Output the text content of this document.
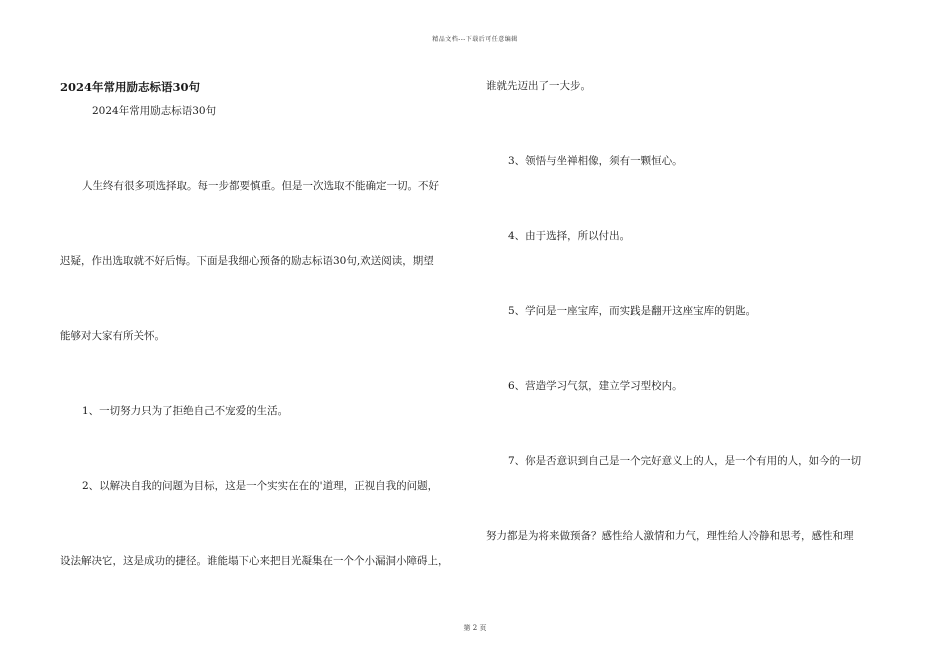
精品文档---下载后可任意编辑
2024年常用励志标语30句
2024年常用励志标语30句
人生终有很多项选择取。每一步都要慎重。但是一次选取不能确定一切。不好
迟疑，作出选取就不好后悔。下面是我细心预备的励志标语30句,欢送阅读，期望
能够对大家有所关怀。
1、一切努力只为了拒绝自己不宠爱的生活。
2、以解决自我的问题为目标，这是一个实实在在的'道理，正视自我的问题，
设法解决它，这是成功的捷径。谁能塌下心来把目光凝集在一个个小漏洞小障碍上，
谁就先迈出了一大步。
3、领悟与坐禅相像，须有一颗恒心。
4、由于选择，所以付出。
5、学问是一座宝库，而实践是翻开这座宝库的钥匙。
6、营造学习气氛，建立学习型校内。
7、你是否意识到自己是一个完好意义上的人，是一个有用的人，如今的一切
努力都是为将来做预备？感性给人激情和力气，理性给人冷静和思考，感性和理
第 2 页
